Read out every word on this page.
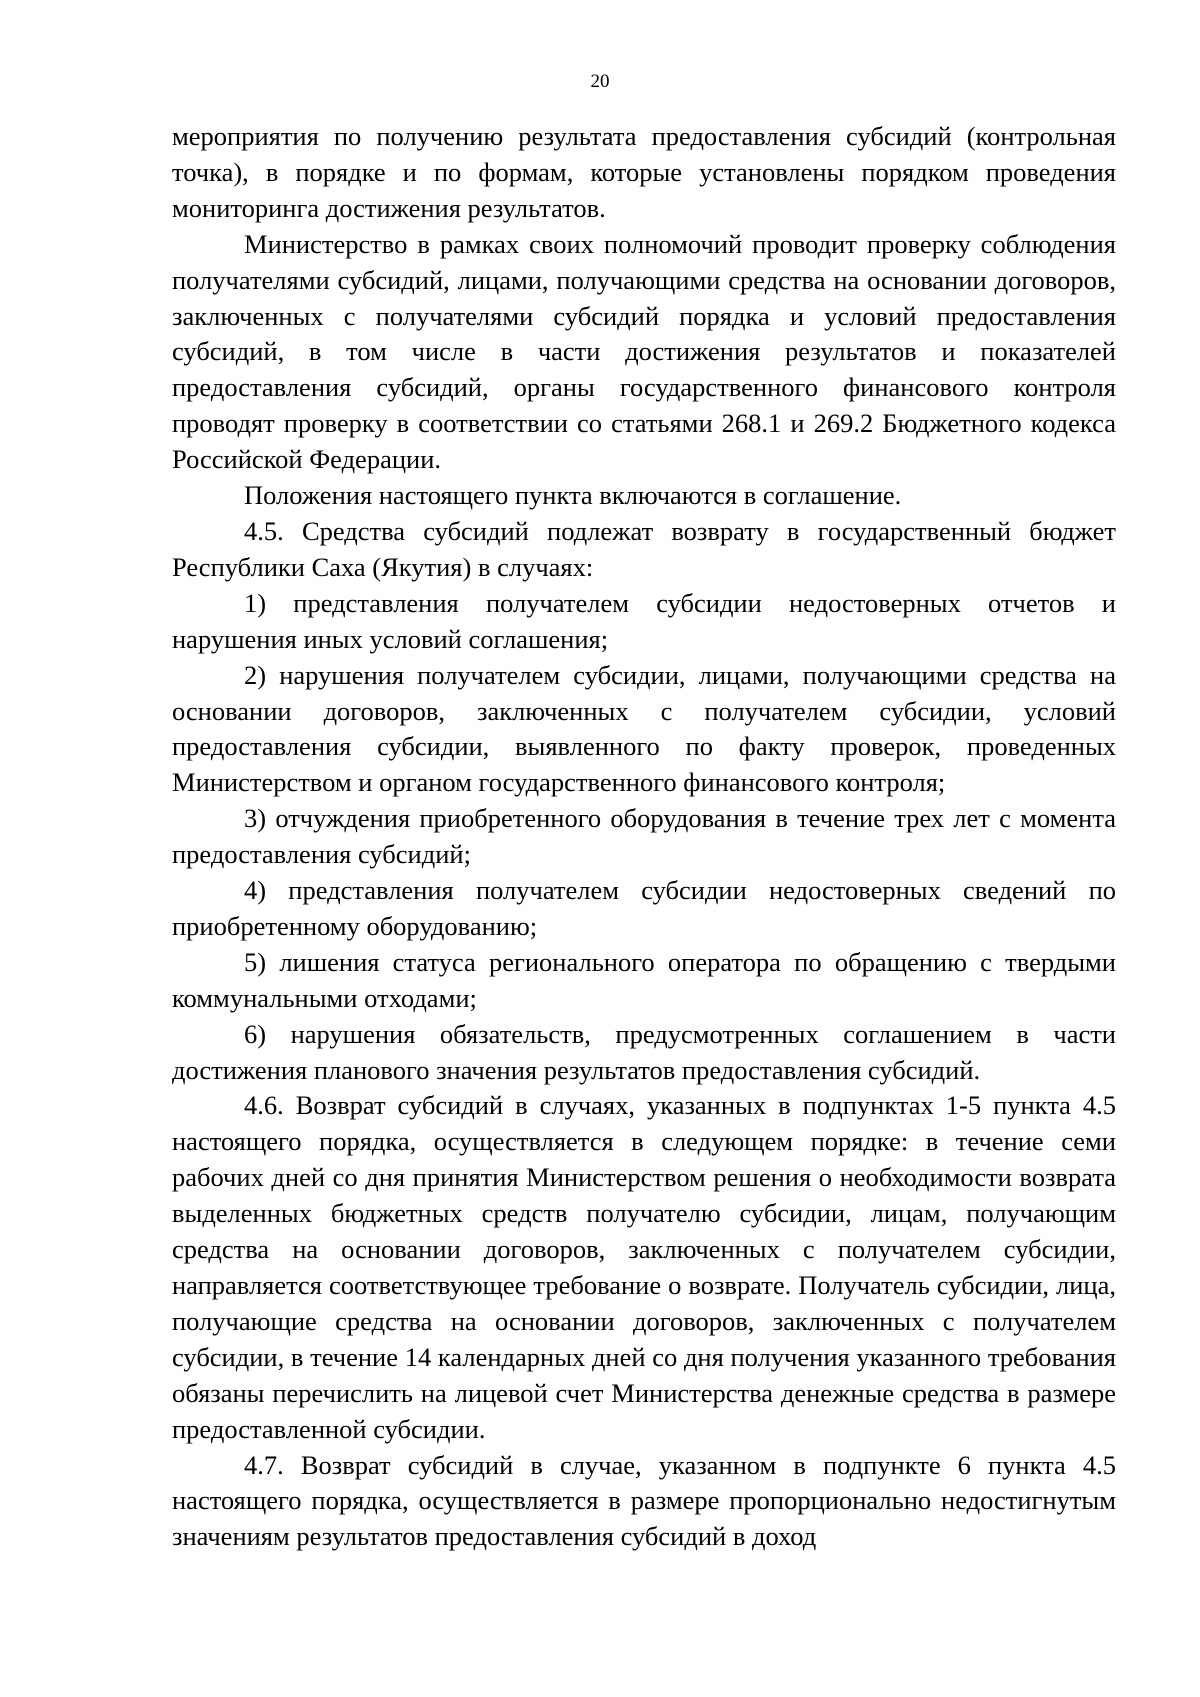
20

мероприятия по получению результата предоставления субсидий (контрольная точка), в порядке и по формам, которые установлены порядком проведения мониторинга достижения результатов.

Министерство в рамках своих полномочий проводит проверку соблюдения получателями субсидий, лицами, получающими средства на основании договоров, заключенных с получателями субсидий порядка и условий предоставления субсидий, в том числе в части достижения результатов и показателей предоставления субсидий, органы государственного финансового контроля проводят проверку в соответствии со статьями 268.1 и 269.2 Бюджетного кодекса Российской Федерации.

Положения настоящего пункта включаются в соглашение.

4.5. Средства субсидий подлежат возврату в государственный бюджет Республики Саха (Якутия) в случаях:

1) представления получателем субсидии недостоверных отчетов и нарушения иных условий соглашения;

2) нарушения получателем субсидии, лицами, получающими средства на основании договоров, заключенных с получателем субсидии, условий предоставления субсидии, выявленного по факту проверок, проведенных Министерством и органом государственного финансового контроля;

3) отчуждения приобретенного оборудования в течение трех лет с момента предоставления субсидий;

4) представления получателем субсидии недостоверных сведений по приобретенному оборудованию;

5) лишения статуса регионального оператора по обращению с твердыми коммунальными отходами;

6) нарушения обязательств, предусмотренных соглашением в части достижения планового значения результатов предоставления субсидий.

4.6. Возврат субсидий в случаях, указанных в подпунктах 1-5 пункта 4.5 настоящего порядка, осуществляется в следующем порядке: в течение семи рабочих дней со дня принятия Министерством решения о необходимости возврата выделенных бюджетных средств получателю субсидии, лицам, получающим средства на основании договоров, заключенных с получателем субсидии, направляется соответствующее требование о возврате. Получатель субсидии, лица, получающие средства на основании договоров, заключенных с получателем субсидии, в течение 14 календарных дней со дня получения указанного требования обязаны перечислить на лицевой счет Министерства денежные средства в размере предоставленной субсидии.

4.7. Возврат субсидий в случае, указанном в подпункте 6 пункта 4.5 настоящего порядка, осуществляется в размере пропорционально недостигнутым значениям результатов предоставления субсидий в доход
